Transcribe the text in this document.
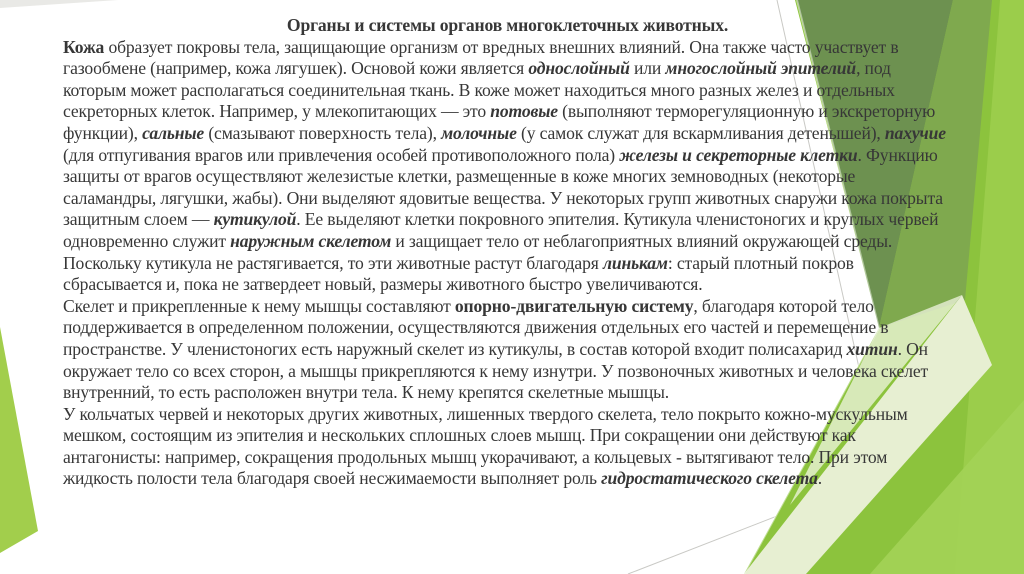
Органы и системы органов многоклеточных животных.

Кожа образует покровы тела, защищающие организм от вредных внешних влияний. Она также часто участвует в газообмене (например, кожа лягушек). Основой кожи является однослойный или многослойный эпителий, под которым может располагаться соединительная ткань. В коже может находиться много разных желез и отдельных секреторных клеток. Например, у млекопитающих — это потовые (выполняют терморегуляционную и экскреторную функции), сальные (смазывают поверхность тела), молочные (у самок служат для вскармливания детенышей), пахучие (для отпугивания врагов или привлечения особей противоположного пола) железы и секреторные клетки. Функцию защиты от врагов осуществляют железистые клетки, размещенные в коже многих земноводных (некоторые саламандры, лягушки, жабы). Они выделяют ядовитые вещества. У некоторых групп животных снаружи кожа покрыта защитным слоем — кутикулой. Ее выделяют клетки покровного эпителия. Кутикула членистоногих и круглых червей одновременно служит наружным скелетом и защищает тело от неблагоприятных влияний окружающей среды. Поскольку кутикула не растягивается, то эти животные растут благодаря линькам: старый плотный покров сбрасывается и, пока не затвердеет новый, размеры животного быстро увеличиваются.

Скелет и прикрепленные к нему мышцы составляют опорно-двигательную систему, благодаря которой тело поддерживается в определенном положении, осуществляются движения отдельных его частей и перемещение в пространстве. У членистоногих есть наружный скелет из кутикулы, в состав которой входит полисахарид хитин. Он окружает тело со всех сторон, а мышцы прикрепляются к нему изнутри. У позвоночных животных и человека скелет внутренний, то есть расположен внутри тела. К нему крепятся скелетные мышцы.

У кольчатых червей и некоторых других животных, лишенных твердого скелета, тело покрыто кожно-мускульным мешком, состоящим из эпителия и нескольких сплошных слоев мышц. При сокращении они действуют как антагонисты: например, сокращения продольных мышц укорачивают, а кольцевых - вытягивают тело. При этом жидкость полости тела благодаря своей несжимаемости выполняет роль гидростатического скелета.
